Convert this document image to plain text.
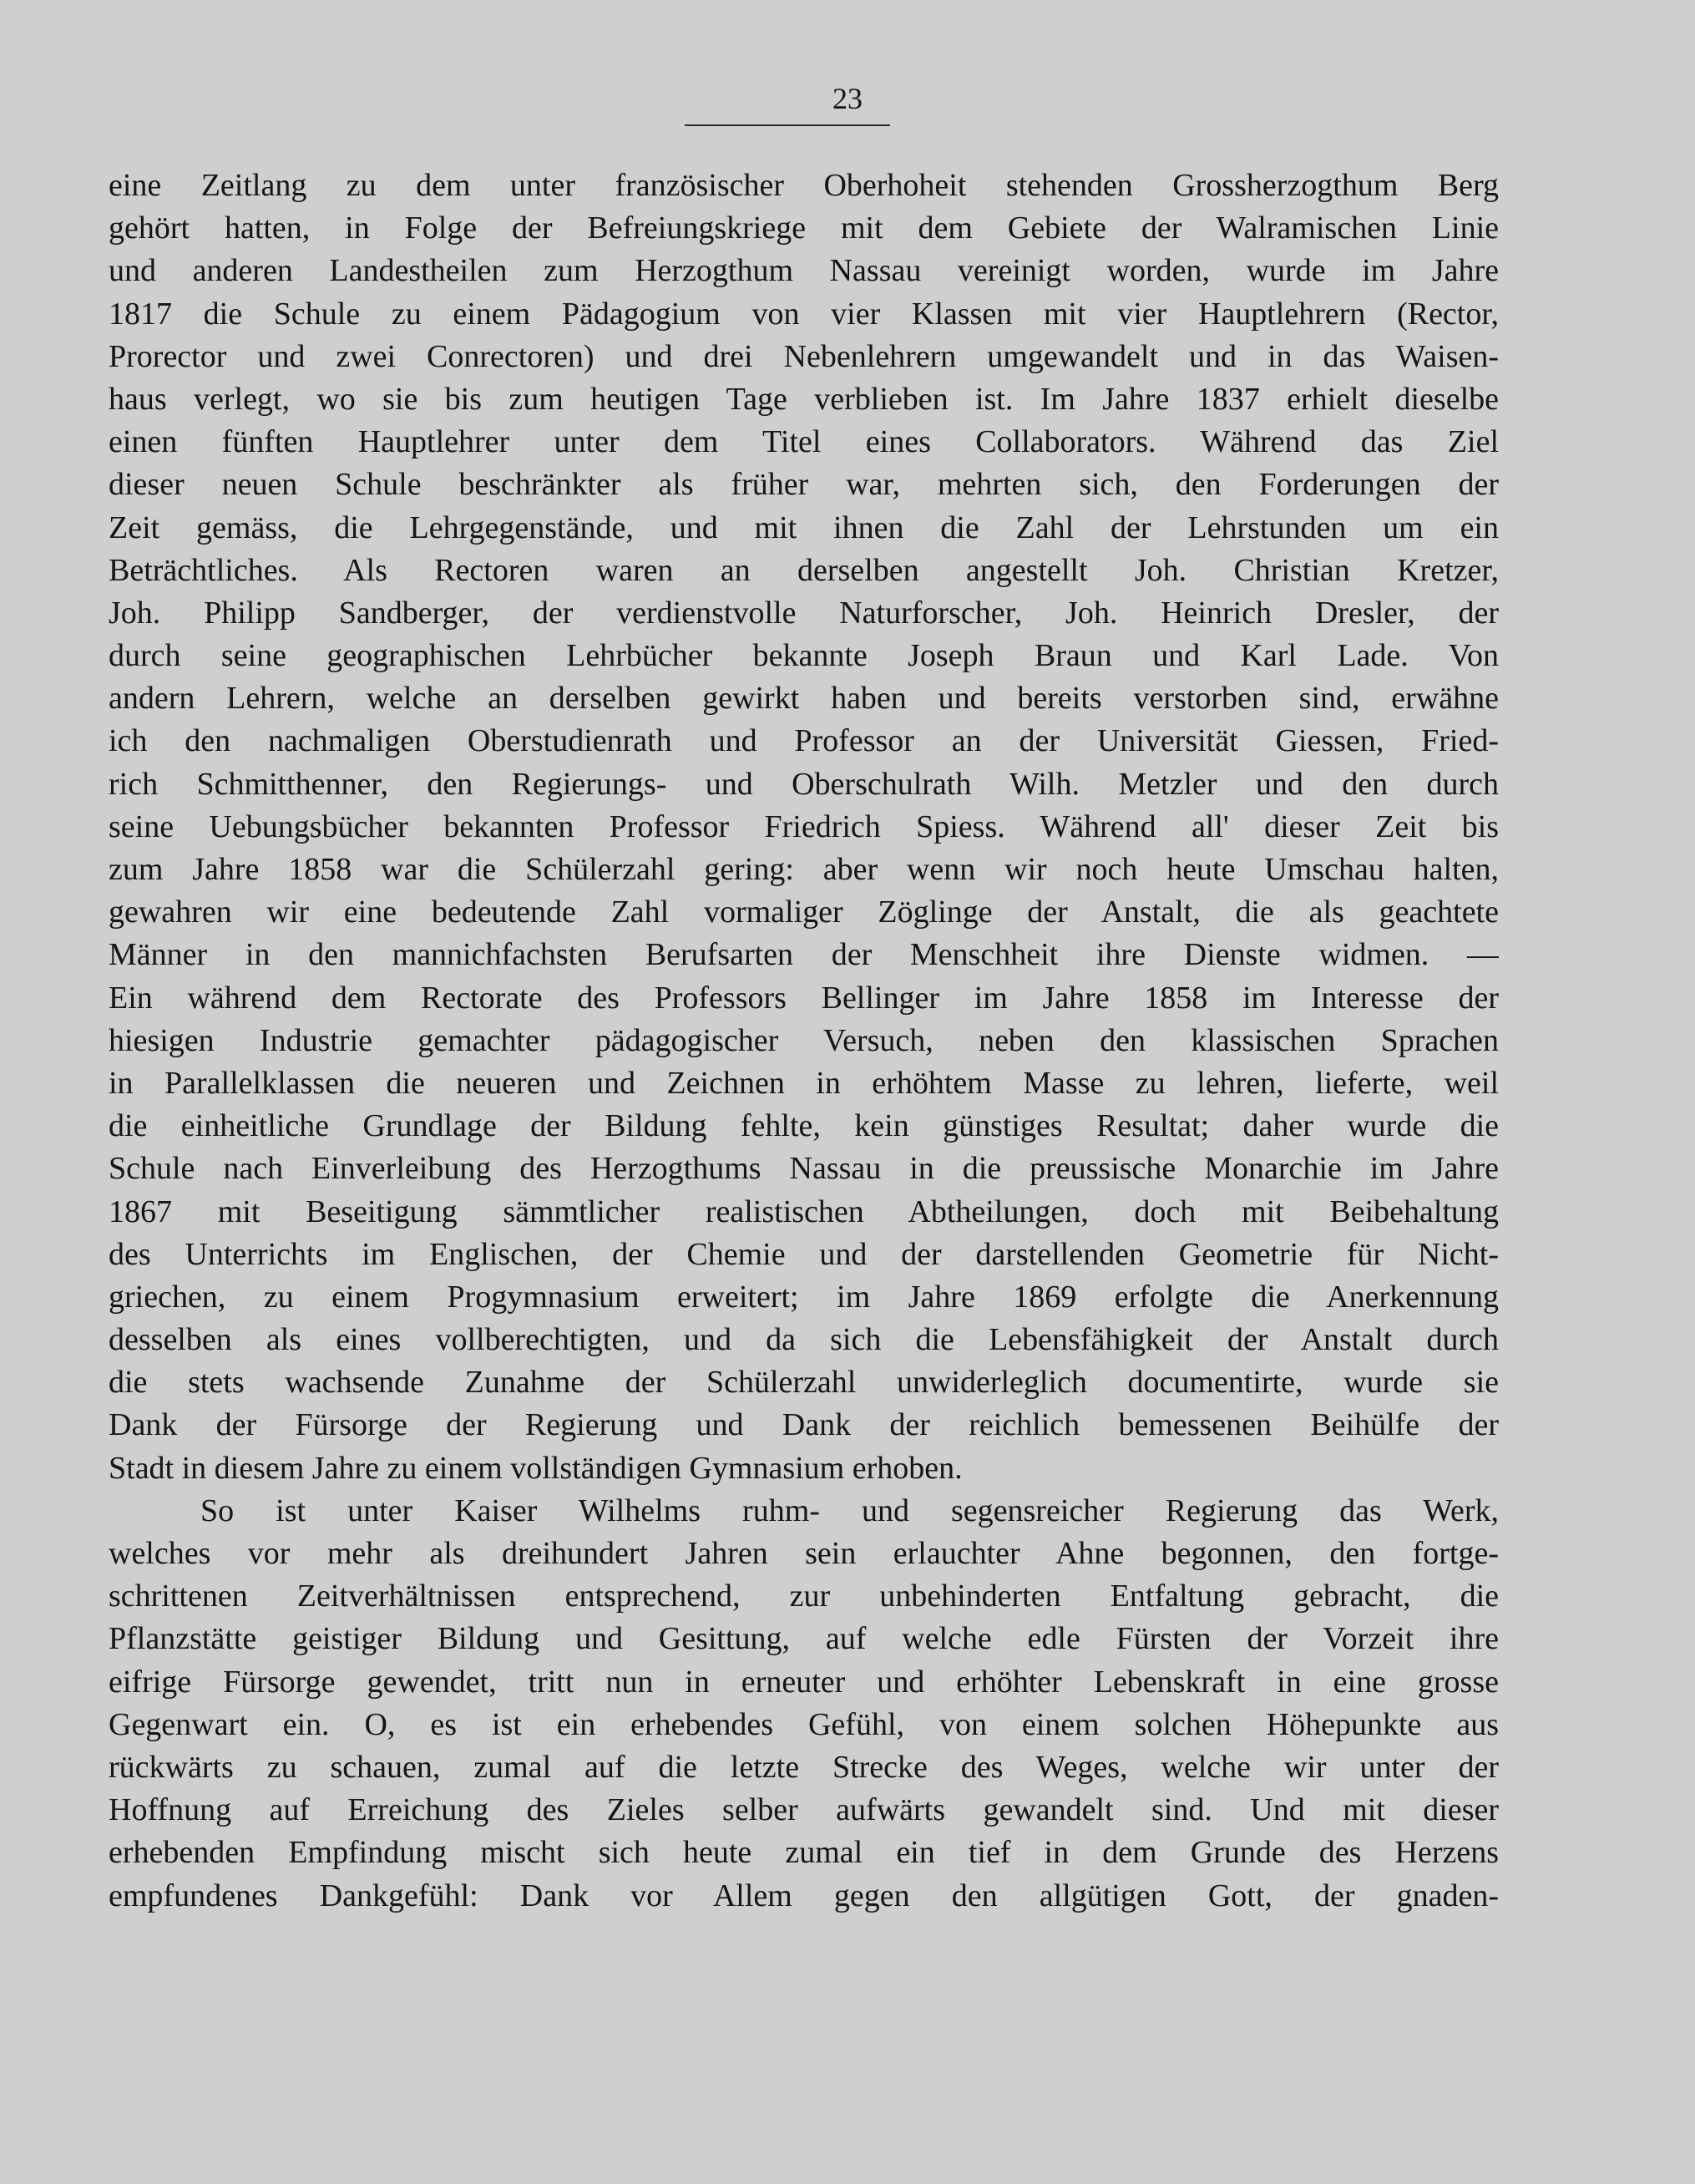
23
eine Zeitlang zu dem unter französischer Oberhoheit stehenden Grossherzogthum Berg
gehört hatten, in Folge der Befreiungskriege mit dem Gebiete der Walramischen Linie
und anderen Landestheilen zum Herzogthum Nassau vereinigt worden, wurde im Jahre
1817 die Schule zu einem Pädagogium von vier Klassen mit vier Hauptlehrern (Rector,
Prorector und zwei Conrectoren) und drei Nebenlehrern umgewandelt und in das Waisen-
haus verlegt, wo sie bis zum heutigen Tage verblieben ist. Im Jahre 1837 erhielt dieselbe
einen fünften Hauptlehrer unter dem Titel eines Collaborators. Während das Ziel
dieser neuen Schule beschränkter als früher war, mehrten sich, den Forderungen der
Zeit gemäss, die Lehrgegenstände, und mit ihnen die Zahl der Lehrstunden um ein
Beträchtliches. Als Rectoren waren an derselben angestellt Joh. Christian Kretzer,
Joh. Philipp Sandberger, der verdienstvolle Naturforscher, Joh. Heinrich Dresler, der
durch seine geographischen Lehrbücher bekannte Joseph Braun und Karl Lade. Von
andern Lehrern, welche an derselben gewirkt haben und bereits verstorben sind, erwähne
ich den nachmaligen Oberstudienrath und Professor an der Universität Giessen, Fried-
rich Schmitthenner, den Regierungs- und Oberschulrath Wilh. Metzler und den durch
seine Uebungsbücher bekannten Professor Friedrich Spiess. Während all' dieser Zeit bis
zum Jahre 1858 war die Schülerzahl gering: aber wenn wir noch heute Umschau halten,
gewahren wir eine bedeutende Zahl vormaliger Zöglinge der Anstalt, die als geachtete
Männer in den mannichfachsten Berufsarten der Menschheit ihre Dienste widmen. —
Ein während dem Rectorate des Professors Bellinger im Jahre 1858 im Interesse der
hiesigen Industrie gemachter pädagogischer Versuch, neben den klassischen Sprachen
in Parallelklassen die neueren und Zeichnen in erhöhtem Masse zu lehren, lieferte, weil
die einheitliche Grundlage der Bildung fehlte, kein günstiges Resultat; daher wurde die
Schule nach Einverleibung des Herzogthums Nassau in die preussische Monarchie im Jahre
1867 mit Beseitigung sämmtlicher realistischen Abtheilungen, doch mit Beibehaltung
des Unterrichts im Englischen, der Chemie und der darstellenden Geometrie für Nicht-
griechen, zu einem Progymnasium erweitert; im Jahre 1869 erfolgte die Anerkennung
desselben als eines vollberechtigten, und da sich die Lebensfähigkeit der Anstalt durch
die stets wachsende Zunahme der Schülerzahl unwiderleglich documentirte, wurde sie
Dank der Fürsorge der Regierung und Dank der reichlich bemessenen Beihülfe der
Stadt in diesem Jahre zu einem vollständigen Gymnasium erhoben.
So ist unter Kaiser Wilhelms ruhm- und segensreicher Regierung das Werk,
welches vor mehr als dreihundert Jahren sein erlauchter Ahne begonnen, den fortge-
schrittenen Zeitverhältnissen entsprechend, zur unbehinderten Entfaltung gebracht, die
Pflanzstätte geistiger Bildung und Gesittung, auf welche edle Fürsten der Vorzeit ihre
eifrige Fürsorge gewendet, tritt nun in erneuter und erhöhter Lebenskraft in eine grosse
Gegenwart ein. O, es ist ein erhebendes Gefühl, von einem solchen Höhepunkte aus
rückwärts zu schauen, zumal auf die letzte Strecke des Weges, welche wir unter der
Hoffnung auf Erreichung des Zieles selber aufwärts gewandelt sind. Und mit dieser
erhebenden Empfindung mischt sich heute zumal ein tief in dem Grunde des Herzens
empfundenes Dankgefühl: Dank vor Allem gegen den allgütigen Gott, der gnaden-
